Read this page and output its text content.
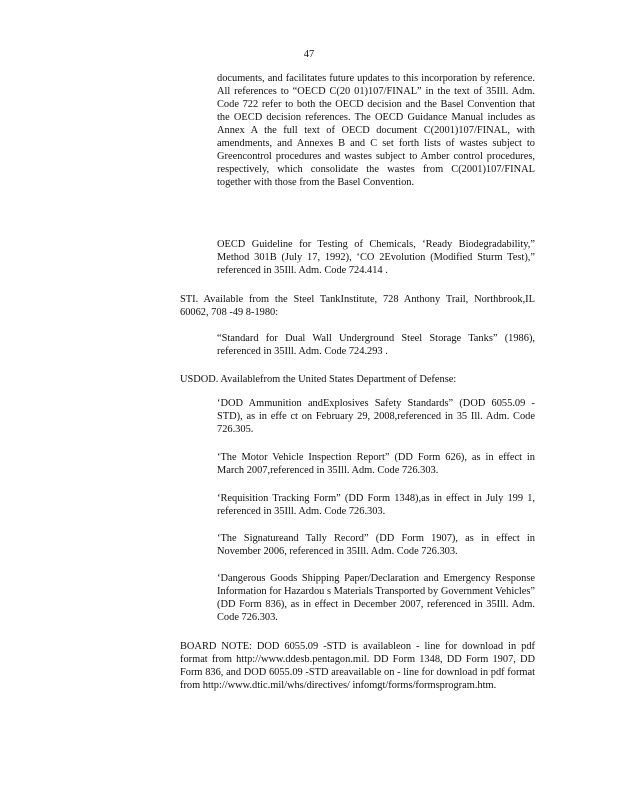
47
documents, and facilitates future updates to this incorporation by reference. All references to “OECD C(20 01)107/FINAL” in the text of 35Ill. Adm. Code 722 refer to both the OECD decision and the Basel Convention that the OECD decision references. The OECD Guidance Manual includes as Annex A the full text of OECD document C(2001)107/FINAL, with amendments, and Annexes B and C set forth lists of wastes subject to Greencontrol procedures and wastes subject to Amber control procedures, respectively, which consolidate the wastes from C(2001)107/FINAL together with those from the Basel Convention.
OECD Guideline for Testing of Chemicals, ‘Ready Biodegradability,” Method 301B (July 17, 1992), ‘CO 2Evolution (Modified Sturm Test),” referenced in 35Ill. Adm. Code 724.414 .
STI. Available from the Steel TankInstitute, 728 Anthony Trail, Northbrook,IL 60062, 708 -49 8-1980:
“Standard for Dual Wall Underground Steel Storage Tanks” (1986), referenced in 35Ill. Adm. Code 724.293 .
USDOD. Availablefrom the United States Department of Defense:
‘DOD Ammunition andExplosives Safety Standards” (DOD 6055.09 -STD), as in effe ct on February 29, 2008,referenced in 35 Ill. Adm. Code 726.305.
‘The Motor Vehicle Inspection Report” (DD Form 626), as in effect in March 2007,referenced in 35Ill. Adm. Code 726.303.
‘Requisition Tracking Form” (DD Form 1348),as in effect in July 199 1, referenced in 35Ill. Adm. Code 726.303.
‘The Signatureand Tally Record” (DD Form 1907), as in effect in November 2006, referenced in 35Ill. Adm. Code 726.303.
‘Dangerous Goods Shipping Paper/Declaration and Emergency Response Information for Hazardou s Materials Transported by Government Vehicles” (DD Form 836), as in effect in December 2007, referenced in 35Ill. Adm. Code 726.303.
BOARD NOTE: DOD 6055.09 -STD is availableon - line for download in pdf format from http://www.ddesb.pentagon.mil. DD Form 1348, DD Form 1907, DD Form 836, and DOD 6055.09 -STD areavailable on - line for download in pdf format from http://www.dtic.mil/whs/directives/ infomgt/forms/formsprogram.htm.
